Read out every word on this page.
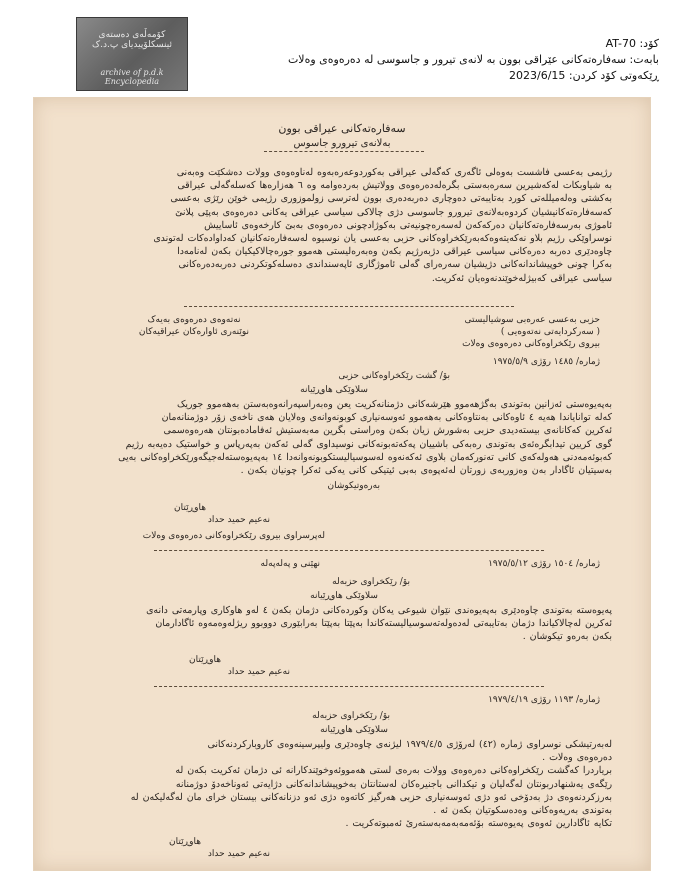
کۆمەڵەی دەستەی ئینسکلۆپیدیای پ.د.ک
archive of p.d.k Encyclopedia
كۆد: AT-70
بابەت: سەفارەتەکانی عێراقی بوون بە لانەی تیرور و جاسوسی لە دەرەوەی وەلات
ڕێکەوتی کۆد کردن: 2023/6/15
سەفارەتەکانی عیراقی بوون
بەلانەی تیرورو جاسوس
رژیمی بەعسی فاشست بەوەلی ئاگەری کەگەلی عیراقی بەکوردوعەرەبەوە لەناوەوەی وولات دەشکێت وەبەنی
بە شیاوبکات لەکەشیرین سەرەبەستی بگرەلەدەرەوەی وولاتیش بەردەوامە وە ٦ هەزارەها کەسلەگەلی عیراقی
بەکشتی وەلەمیللەتی کورد بەتایبەتی دەوچاری دەربەدەری بوون لەترسی زولموزوری رژیمی خوێن رێژی بەعسی
کەسەفارەتەکانیشیان کردوەبەلانەی تیرورو جاسوسی دژی چالاکی سیاسی عیراقی یەکانی دەرەوەی بەپێی پلانێ
ئاموژی بەرسەفارەتەکانیان دەرکەکەن لەسەرەچونیەتی بەکوژادچونی دەرەوەی بەبێ کارخەوەی ئاساییش
نوسراوێکی رژیم بلاو نەکەیتەوەکەبەرێکخراوەکانی حزبی بەعسی یان نوسیوە لەسەفارەتەکانیان کەداوادەکات لەتوندی
چاوەدێری دەربە دەرەکانی سیاسی عیراقی دژبەرژیم بکەن وەبەرەلیستی هەموو جورەچالاکیکیان بکەن لەنامەدا
بەکرا چونی خوپیشاندانەکانی دژیشیان سەرەرای گەلی ئاموژگاری ئاپەسنداندی دەسلەکوتکردنی دەربەدەرەکانی
سیاسی عیراقی کەبیژلەخوێندنەوەیان ئەکریت.
حزبی بەعسی عەرەبی سوشیالیستی
( سەرکردایەتی نەتەوەیی )
بیروی رێکخراوەکانی دەرەوەی وەلات
نەتەوەی دەرەوەی بەیەک
نوێنەری ئاوارەکان عیراقیەکان
ژمارە/ ١٤٨٥ رۆژی ١٩٧٥/٥/٩
بۆ/ گشت رێکخراوەکانی حزبی
سلاوێکی هاوڕێیانە
بەپەیوەستی ئەزانین بەتوندی بەگژهەموو هێرشەکانی دژمنانەکریت یعن وەبەراسپەرانەوەبەستن بەهەموو جوریک
کەلە توانایاندا هەیە ٤ ئاوەکانی بەنتاوەکانی بەهەموو ئەوسەنیاری کوبونەوانەی وەلایان هەی ناخەی زۆر دوژمنانەمان
ئەکرین کەکانانەی بیستەدیدی حزبی بەشورش زیان بکەن وەراستی بگرین مەبەستیش ئەفامادەبونتان هەرەوەسمی
گوی کریین تیدابگرەئەی بەتوندی رەبەکی باشییان پەکەتەبونەکانی نوسیداوی گەلی ئەکەن بەپەرپاس و خواستیک دەیەبە رژیم
کەبوئەمەدنی هەولەکەی کانی تەنورکەمان بلاوی ئەکەنەوە لەسوسیالیستکوبونەوانەدا ١٤ بەپەیوەستەلەجیگەورێکخراوەکانی بەیی
بەسیتیان ئاگادار بەن وەزوربەی زورتان لەئەپوەی بەبی ئیتیکی کانی یەکی ئەکرا چونیان بکەن .
بەرەوتیکوشان
هاوڕێتان
نەعیم حمید حداد
لەپرسراوی بیروی رێکخراوەکانی دەرەوەی وەلات
ژمارە/ ١٥٠٤ رۆژی ١٩٧٥/٥/١٢
نهێنی و پەلەپەلە
بۆ/ رێکخراوی حزبەلە
سلاوێکی هاوڕێیانە
پەیوەستە بەتوندی چاوەدێری بەپەیوەندی نێوان شیوعی یەکان وکوردەکانی دژمان بکەن ٤ لەو هاوکاری وپارمەتی دانەی
ئەکرین لەچالاکیاندا دژمان بەتایبەتی لەدەولەتەسوسیالیستەکاندا بەپێتا بەپێتا بەرابێوری دووبوو ریژلەوەمەوە ئاگادارمان
بکەن بەرەو تیکوشان .
هاوڕێتان
نەعیم حمید حداد
ژمارە/ ١١٩٣ رۆژی ١٩٧٩/٤/١٩
بۆ/ رێکخراوی حزبەلە
سلاوێکی هاوڕێیانە
لەبەرتیشکی نوسراوی ژمارە (٤٢) لەرۆژی ١٩٧٩/٤/٥ لیژنەی چاوەدێری ولیپرسینەوەی کاروبارکردنەکانی
دەرەوەی وەلات .
بریاردرا کەگشت رێکخراوەکانی دەرەوەی وولات بەرەی لستی هەمووئەوخوێندکارانە ئی دژمان ئەکریت بکەن لە
رێگەی یەشنهادربونتان لەگەلیان و تیکداانی باجنیرەکان لەستانتان بەخوپیشاندانەکانی دژایەتی ئەوناخەدۆ دوژمنانە
بەرزکردنەوەی دژ بەدۆخی ئەو دژی ئەوسەنیاری حزبی هەرگیز کاتەوە دژی ئەو دزنانەکانی بیستان خرای مان لەگەلیکەن لە
بەتوندی بەریەوەکانی وەدەسکوتیان بکەن ئە .
تکایە ئاگادارین ئەوەی پەیوەستە بۆئەمەبەمەبەستەرێ ئەمبوتەکریت .
هاوڕێتان
نەعیم حمید حداد
